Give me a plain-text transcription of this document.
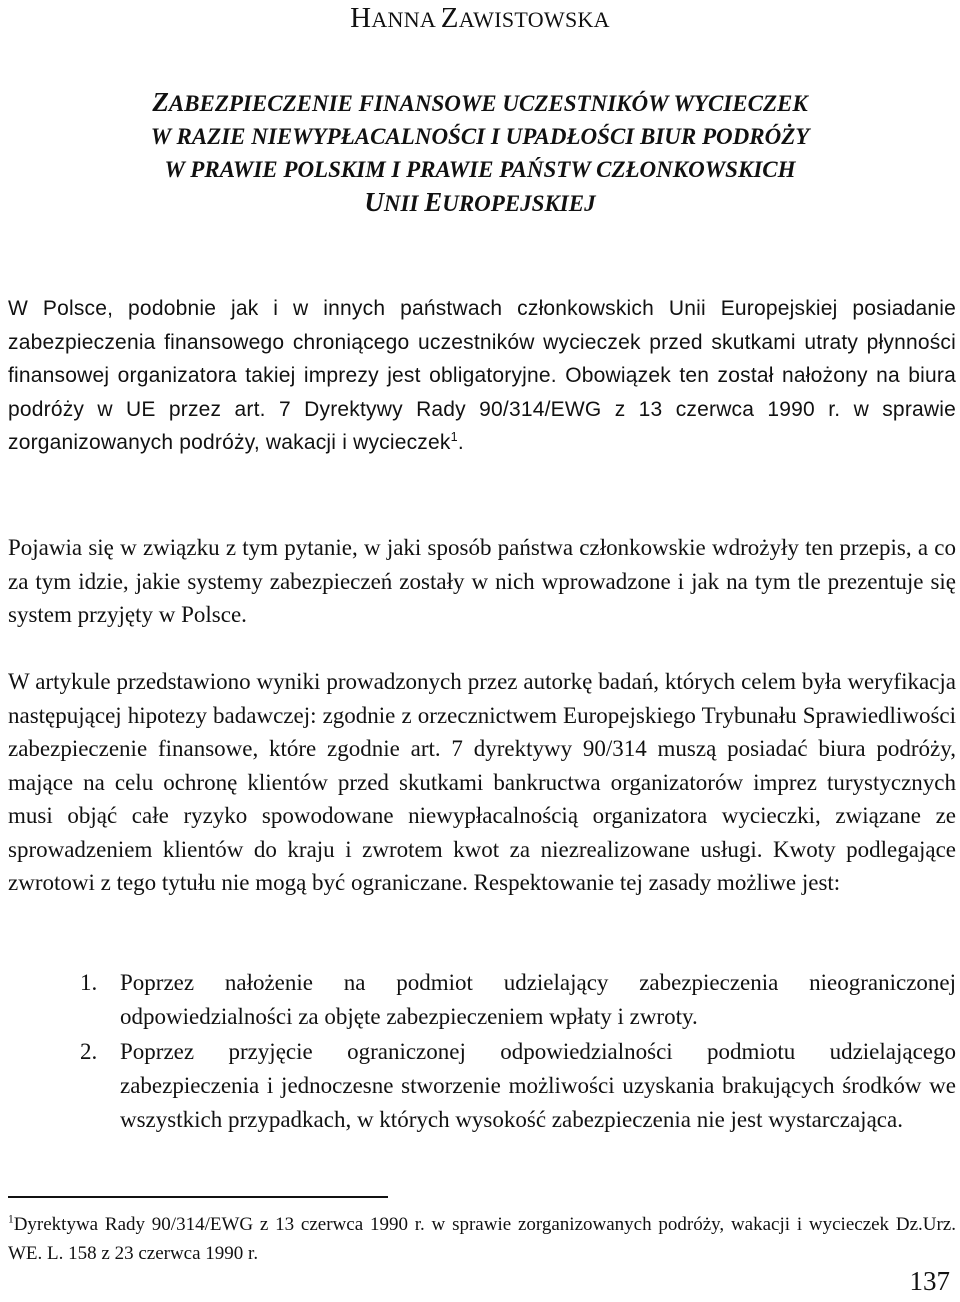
HANNA ZAWISTOWSKA
ZABEZPIECZENIE FINANSOWE UCZESTNIKÓW WYCIECZEK
W RAZIE NIEWYPŁACALNOŚCI I UPADŁOŚCI BIUR PODRÓŻY
W PRAWIE POLSKIM I PRAWIE PAŃSTW CZŁONKOWSKICH
UNII EUROPEJSKIEJ

W Polsce, podobnie jak i w innych państwach członkowskich Unii Europejskiej posiadanie zabezpieczenia finansowego chroniącego uczestników wycieczek przed skutkami utraty płynności finansowej organizatora takiej imprezy jest obligatoryjne. Obowiązek ten został nałożony na biura podróży w UE przez art. 7 Dyrektywy Rady 90/314/EWG z 13 czerwca 1990 r. w sprawie zorganizowanych podróży, wakacji i wycieczek$^1$.

Pojawia się w związku z tym pytanie, w jaki sposób państwa członkowskie wdrożyły ten przepis, a co za tym idzie, jakie systemy zabezpieczeń zostały w nich wprowadzone i jak na tym tle prezentuje się system przyjęty w Polsce.

W artykule przedstawiono wyniki prowadzonych przez autorkę badań, których celem była weryfikacja następującej hipotezy badawczej: zgodnie z orzecznictwem Europejskiego Trybunału Sprawiedliwości zabezpieczenie finansowe, które zgodnie art. 7 dyrektywy 90/314 muszą posiadać biura podróży, mające na celu ochronę klientów przed skutkami bankructwa organizatorów imprez turystycznych musi objąć całe ryzyko spowodowane niewypłacalnością organizatora wycieczki, związane ze sprowadzeniem klientów do kraju i zwrotem kwot za niezrealizowane usługi. Kwoty podlegające zwrotowi z tego tytułu nie mogą być ograniczane. Respektowanie tej zasady możliwe jest:

1. Poprzez nałożenie na podmiot udzielający zabezpieczenia nieograniczonej odpowiedzialności za objęte zabezpieczeniem wpłaty i zwroty.
2. Poprzez przyjęcie ograniczonej odpowiedzialności podmiotu udzielającego zabezpieczenia i jednoczesne stworzenie możliwości uzyskania brakujących środków we wszystkich przypadkach, w których wysokość zabezpieczenia nie jest wystarczająca.

$^1$Dyrektywa Rady 90/314/EWG z 13 czerwca 1990 r. w sprawie zorganizowanych podróży, wakacji i wycieczek Dz.Urz. WE. L. 158 z 23 czerwca 1990 r.

137
